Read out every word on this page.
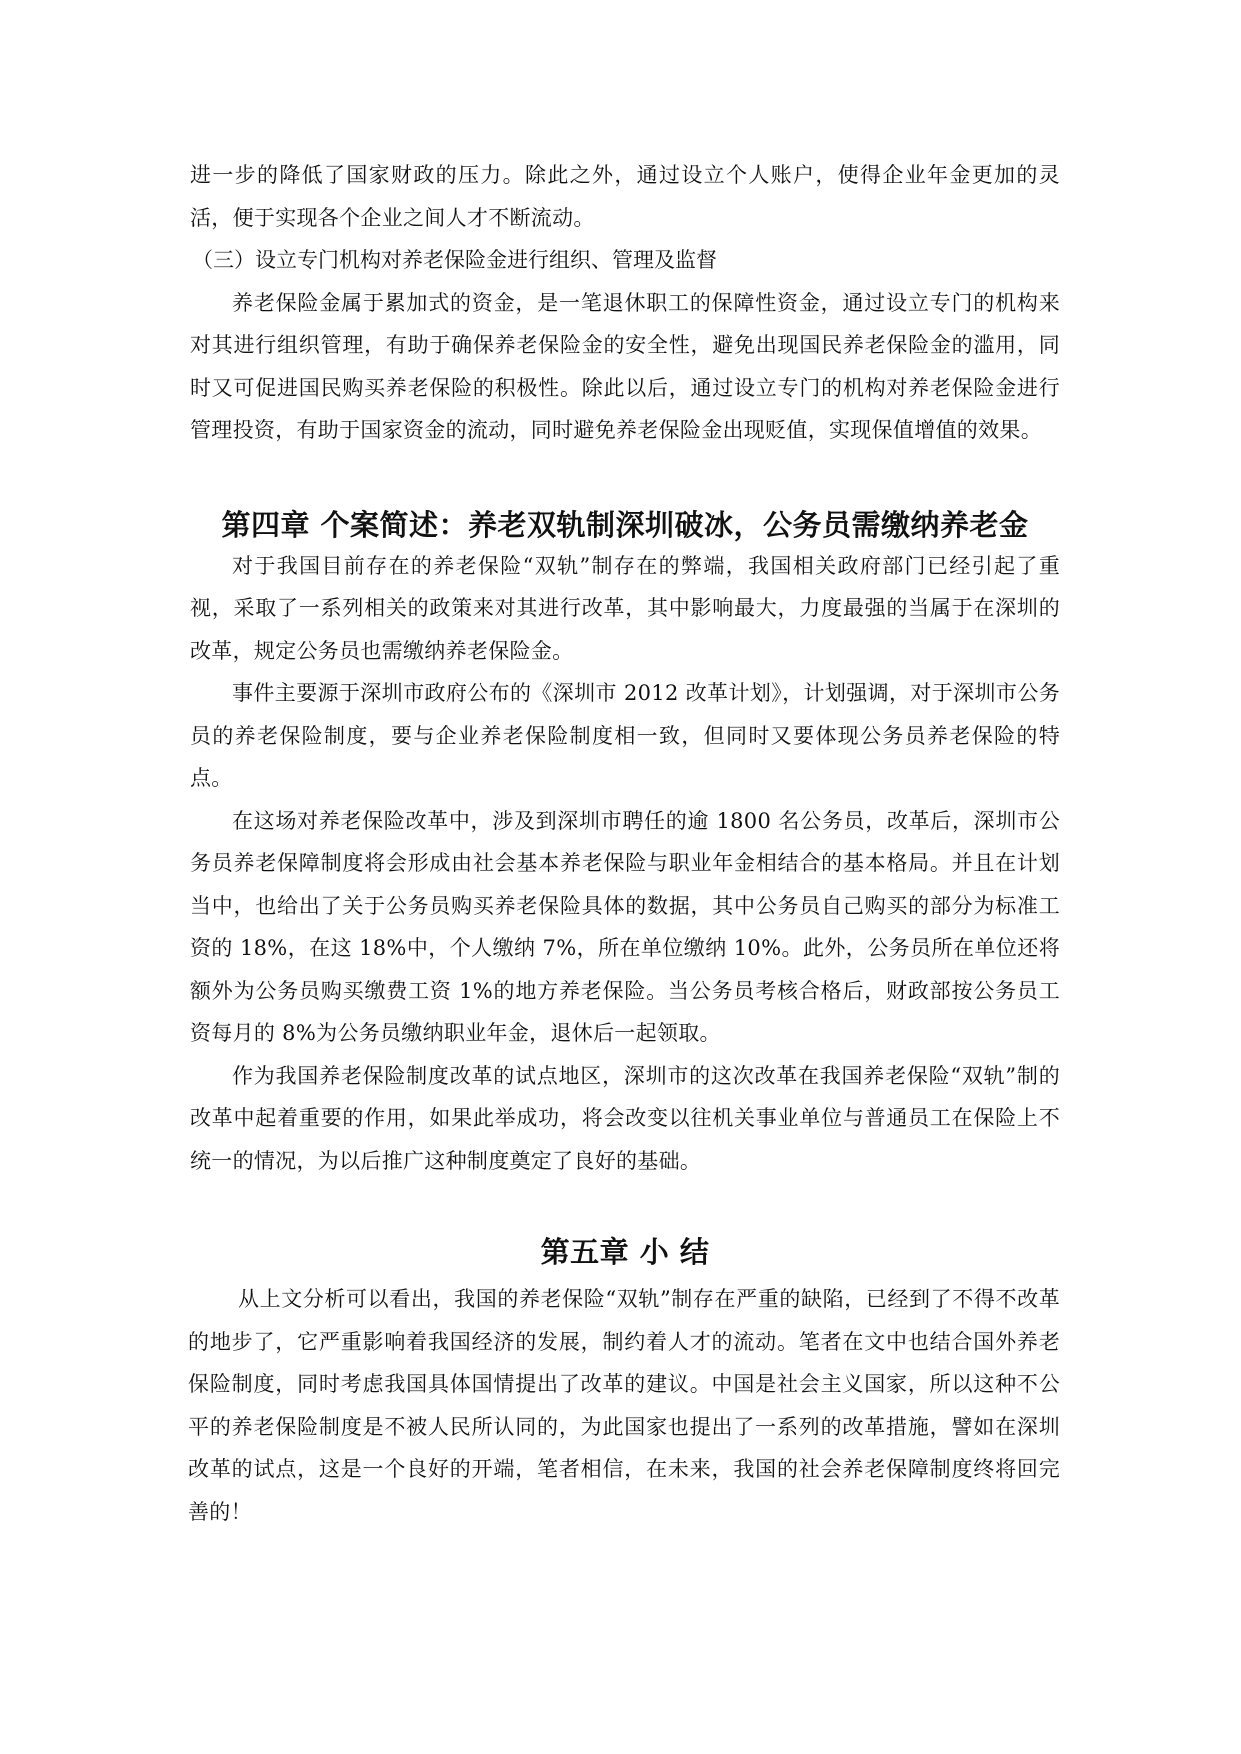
进一步的降低了国家财政的压力。除此之外，通过设立个人账户，使得企业年金更加的灵活，便于实现各个企业之间人才不断流动。

（三）设立专门机构对养老保险金进行组织、管理及监督

养老保险金属于累加式的资金，是一笔退休职工的保障性资金，通过设立专门的机构来对其进行组织管理，有助于确保养老保险金的安全性，避免出现国民养老保险金的滥用，同时又可促进国民购买养老保险的积极性。除此以后，通过设立专门的机构对养老保险金进行管理投资，有助于国家资金的流动，同时避免养老保险金出现贬值，实现保值增值的效果。

第四章 个案简述：养老双轨制深圳破冰，公务员需缴纳养老金

对于我国目前存在的养老保险“双轨”制存在的弊端，我国相关政府部门已经引起了重视，采取了一系列相关的政策来对其进行改革，其中影响最大，力度最强的当属于在深圳的改革，规定公务员也需缴纳养老保险金。

事件主要源于深圳市政府公布的《深圳市 2012 改革计划》，计划强调，对于深圳市公务员的养老保险制度，要与企业养老保险制度相一致，但同时又要体现公务员养老保险的特点。

在这场对养老保险改革中，涉及到深圳市聘任的逾 1800 名公务员，改革后，深圳市公务员养老保障制度将会形成由社会基本养老保险与职业年金相结合的基本格局。并且在计划当中，也给出了关于公务员购买养老保险具体的数据，其中公务员自己购买的部分为标准工资的 18%，在这 18%中，个人缴纳 7%，所在单位缴纳 10%。此外，公务员所在单位还将额外为公务员购买缴费工资 1%的地方养老保险。当公务员考核合格后，财政部按公务员工资每月的 8%为公务员缴纳职业年金，退休后一起领取。

作为我国养老保险制度改革的试点地区，深圳市的这次改革在我国养老保险“双轨”制的改革中起着重要的作用，如果此举成功，将会改变以往机关事业单位与普通员工在保险上不统一的情况，为以后推广这种制度奠定了良好的基础。

第五章 小 结

从上文分析可以看出，我国的养老保险“双轨”制存在严重的缺陷，已经到了不得不改革的地步了，它严重影响着我国经济的发展，制约着人才的流动。笔者在文中也结合国外养老保险制度，同时考虑我国具体国情提出了改革的建议。中国是社会主义国家，所以这种不公平的养老保险制度是不被人民所认同的，为此国家也提出了一系列的改革措施，譬如在深圳改革的试点，这是一个良好的开端，笔者相信，在未来，我国的社会养老保障制度终将回完善的！
